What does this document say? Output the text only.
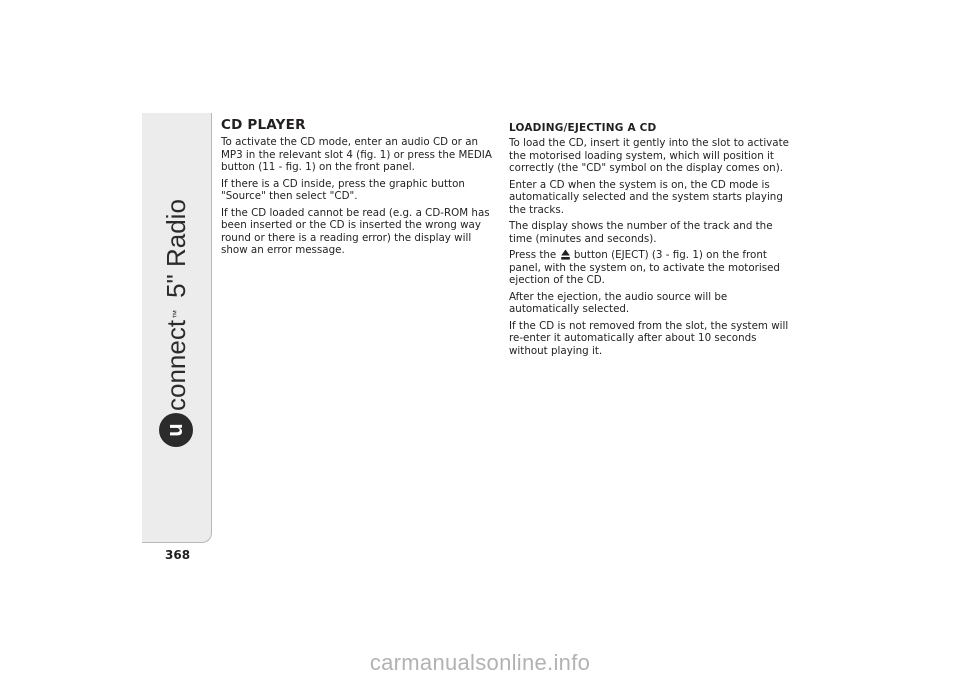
u
connect
™
5" Radio
368
CD PLAYER

To activate the CD mode, enter an audio CD or an MP3 in the relevant slot 4 (fig. 1) or press the MEDIA button (11 - fig. 1) on the front panel.

If there is a CD inside, press the graphic button "Source" then select "CD".

If the CD loaded cannot be read (e.g. a CD-ROM has been inserted or the CD is inserted the wrong way round or there is a reading error) the display will show an error message.

LOADING/EJECTING A CD

To load the CD, insert it gently into the slot to activate the motorised loading system, which will position it correctly (the "CD" symbol on the display comes on).

Enter a CD when the system is on, the CD mode is automatically selected and the system starts playing the tracks.

The display shows the number of the track and the time (minutes and seconds).

Press the button (EJECT) (3 - fig. 1) on the front panel, with the system on, to activate the motorised ejection of the CD.

After the ejection, the audio source will be automatically selected.

If the CD is not removed from the slot, the system will re-enter it automatically after about 10 seconds without playing it.

carmanualsonline.info
